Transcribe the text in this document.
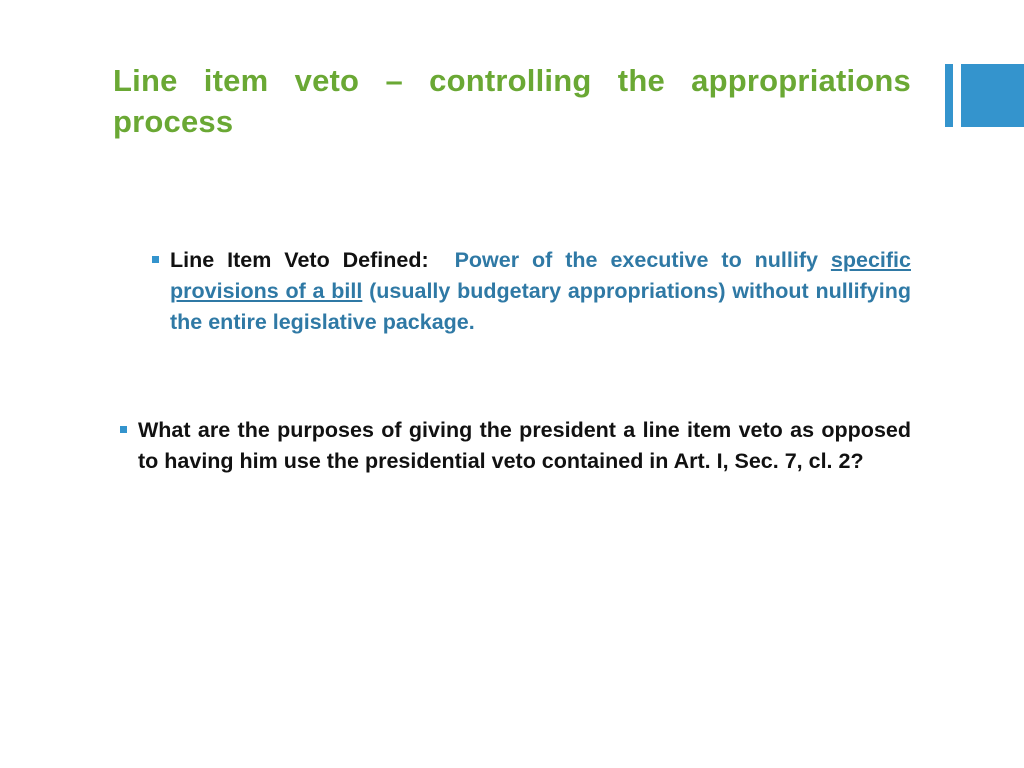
Line item veto – controlling the appropriations process

Line Item Veto Defined: Power of the executive to nullify specific provisions of a bill (usually budgetary appropriations) without nullifying the entire legislative package.

What are the purposes of giving the president a line item veto as opposed to having him use the presidential veto contained in Art. I, Sec. 7, cl. 2?
